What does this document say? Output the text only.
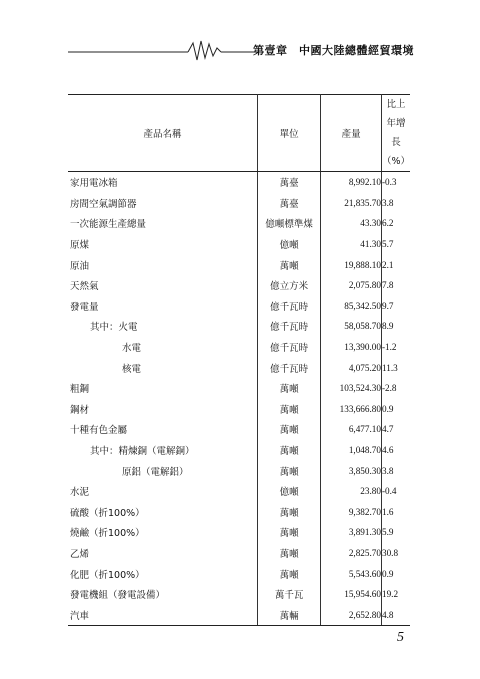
第壹章　中國大陸總體經貿環境
產品名稱	單位	產量	比上年增長
（%）

家用電冰箱	萬臺	8,992.10	-0.3
房間空氣調節器	萬臺	21,835.70	3.8
一次能源生產總量	億噸標準煤	43.30	6.2
原煤	億噸	41.30	5.7
原油	萬噸	19,888.10	2.1
天然氣	億立方米	2,075.80	7.8
發電量	億千瓦時	85,342.50	9.7
其中：火電	億千瓦時	58,058.70	8.9
水電	億千瓦時	13,390.00	-1.2
核電	億千瓦時	4,075.20	11.3
粗鋼	萬噸	103,524.30	-2.8
鋼材	萬噸	133,666.80	0.9
十種有色金屬	萬噸	6,477.10	4.7
其中：精煉銅（電解銅）	萬噸	1,048.70	4.6
原鋁（電解鋁）	萬噸	3,850.30	3.8
水泥	億噸	23.80	-0.4
硫酸（折100%）	萬噸	9,382.70	1.6
燒鹼（折100%）	萬噸	3,891.30	5.9
乙烯	萬噸	2,825.70	30.8
化肥（折100%）	萬噸	5,543.60	0.9
發電機組（發電設備）	萬千瓦	15,954.60	19.2
汽車	萬輛	2,652.80	4.8
5
